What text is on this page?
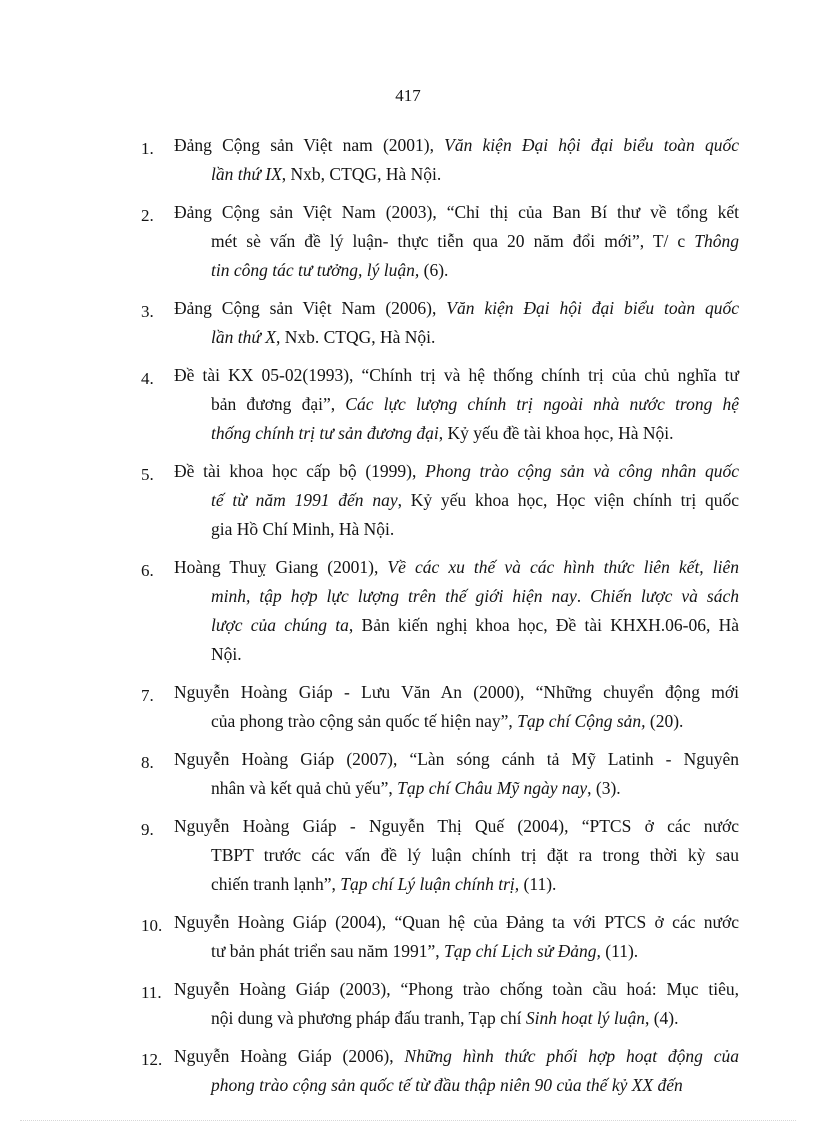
417
1. Đảng Cộng sản Việt nam (2001), Văn kiện Đại hội đại biểu toàn quốc
lần thứ IX, Nxb, CTQG, Hà Nội.
2. Đảng Cộng sản Việt Nam (2003), “Chỉ thị của Ban Bí thư về tổng kết
mét sè vấn đề lý luận- thực tiễn qua 20 năm đổi mới”, T/ c Thông
tin công tác tư tưởng, lý luận, (6).
3. Đảng Cộng sản Việt Nam (2006), Văn kiện Đại hội đại biểu toàn quốc
lần thứ X, Nxb. CTQG, Hà Nội.
4. Đề tài KX 05-02(1993), “Chính trị và hệ thống chính trị của chủ nghĩa tư
bản đương đại”, Các lực lượng chính trị ngoài nhà nước trong hệ
thống chính trị tư sản đương đại, Kỷ yếu đề tài khoa học, Hà Nội.
5. Đề tài khoa học cấp bộ (1999), Phong trào cộng sản và công nhân quốc
tế từ năm 1991 đến nay, Kỷ yếu khoa học, Học viện chính trị quốc
gia Hồ Chí Minh, Hà Nội.
6. Hoàng Thuỵ Giang (2001), Về các xu thế và các hình thức liên kết, liên
minh, tập hợp lực lượng trên thế giới hiện nay. Chiến lược và sách
lược của chúng ta, Bản kiến nghị khoa học, Đề tài KHXH.06-06, Hà
Nội.
7. Nguyễn Hoàng Giáp - Lưu Văn An (2000), “Những chuyển động mới
của phong trào cộng sản quốc tế hiện nay”, Tạp chí Cộng sản, (20).
8. Nguyễn Hoàng Giáp (2007), “Làn sóng cánh tả Mỹ Latinh - Nguyên
nhân và kết quả chủ yếu”, Tạp chí Châu Mỹ ngày nay, (3).
9. Nguyễn Hoàng Giáp - Nguyễn Thị Quế (2004), “PTCS ở các nước
TBPT trước các vấn đề lý luận chính trị đặt ra trong thời kỳ sau
chiến tranh lạnh”, Tạp chí Lý luận chính trị, (11).
10. Nguyễn Hoàng Giáp (2004), “Quan hệ của Đảng ta với PTCS ở các nước
tư bản phát triển sau năm 1991”, Tạp chí Lịch sử Đảng, (11).
11. Nguyễn Hoàng Giáp (2003), “Phong trào chống toàn cầu hoá: Mục tiêu,
nội dung và phương pháp đấu tranh, Tạp chí Sinh hoạt lý luận, (4).
12. Nguyễn Hoàng Giáp (2006), Những hình thức phối hợp hoạt động của
phong trào cộng sản quốc tế từ đầu thập niên 90 của thế kỷ XX đến
